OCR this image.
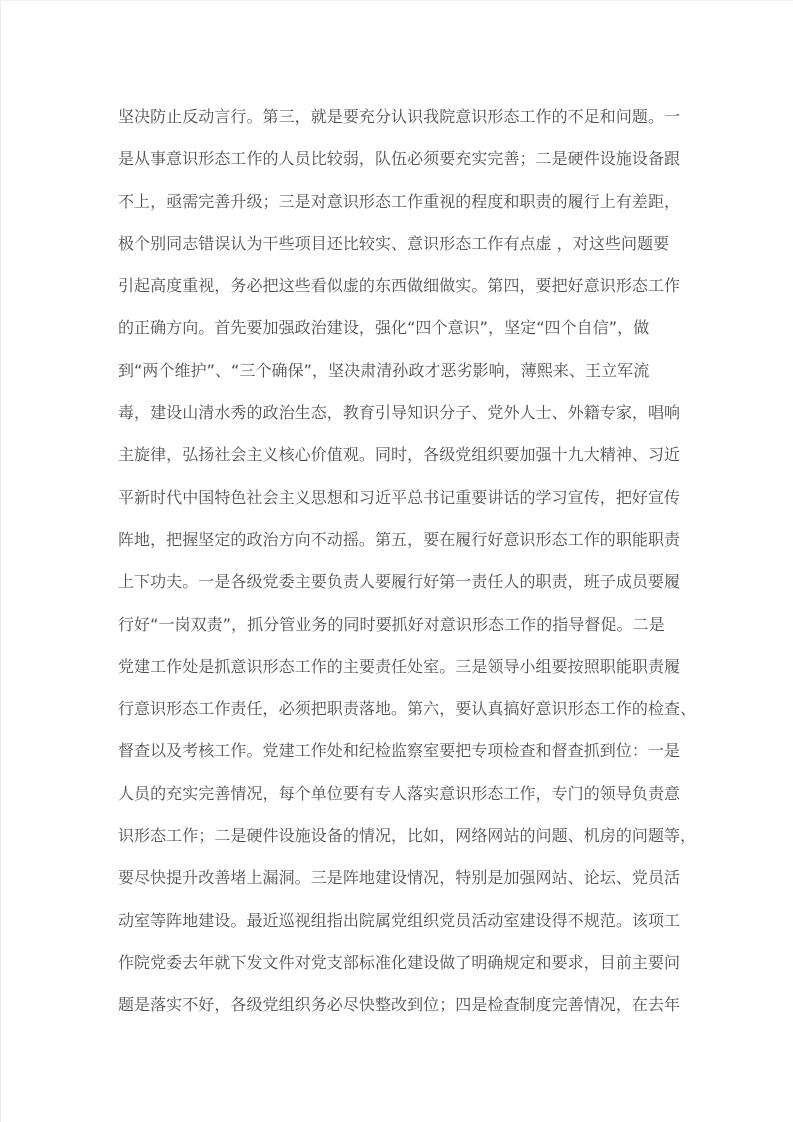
坚决防止反动言行。第三，就是要充分认识我院意识形态工作的不足和问题。一
是从事意识形态工作的人员比较弱，队伍必须要充实完善；二是硬件设施设备跟
不上，亟需完善升级；三是对意识形态工作重视的程度和职责的履行上有差距，
极个别同志错误认为干些项目还比较实、意识形态工作有点虚 ，对这些问题要
引起高度重视，务必把这些看似虚的东西做细做实。第四，要把好意识形态工作
的正确方向。首先要加强政治建设，强化“四个意识”，坚定“四个自信”，做
到“两个维护”、“三个确保”，坚决肃清孙政才恶劣影响，薄熙来、王立军流
毒，建设山清水秀的政治生态，教育引导知识分子、党外人士、外籍专家，唱响
主旋律，弘扬社会主义核心价值观。同时，各级党组织要加强十九大精神、习近
平新时代中国特色社会主义思想和习近平总书记重要讲话的学习宣传，把好宣传
阵地，把握坚定的政治方向不动摇。第五，要在履行好意识形态工作的职能职责
上下功夫。一是各级党委主要负责人要履行好第一责任人的职责，班子成员要履
行好“一岗双责”，抓分管业务的同时要抓好对意识形态工作的指导督促。二是
党建工作处是抓意识形态工作的主要责任处室。三是领导小组要按照职能职责履
行意识形态工作责任，必须把职责落地。第六，要认真搞好意识形态工作的检查、
督查以及考核工作。党建工作处和纪检监察室要把专项检查和督查抓到位：一是
人员的充实完善情况，每个单位要有专人落实意识形态工作，专门的领导负责意
识形态工作；二是硬件设施设备的情况，比如，网络网站的问题、机房的问题等，
要尽快提升改善堵上漏洞。三是阵地建设情况，特别是加强网站、论坛、党员活
动室等阵地建设。最近巡视组指出院属党组织党员活动室建设得不规范。该项工
作院党委去年就下发文件对党支部标准化建设做了明确规定和要求，目前主要问
题是落实不好，各级党组织务必尽快整改到位；四是检查制度完善情况，在去年
